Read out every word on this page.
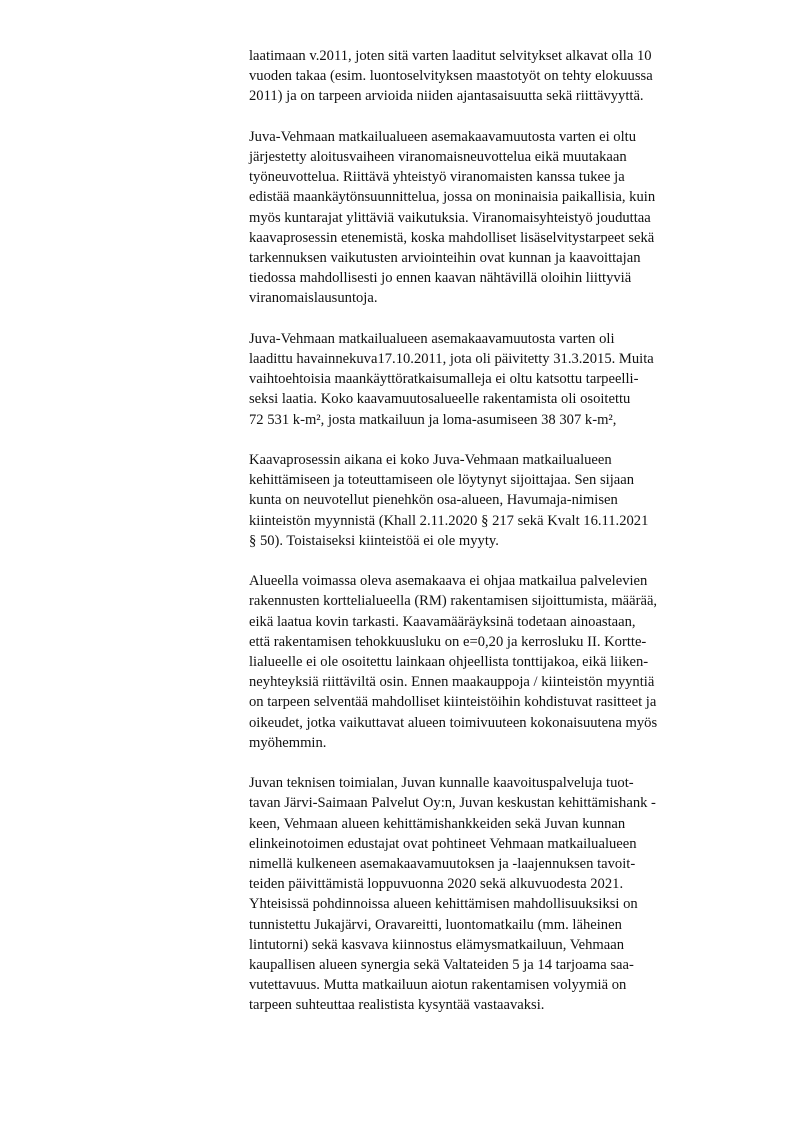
laatimaan v.2011, joten sitä varten laaditut selvitykset alkavat olla 10
vuoden takaa (esim. luontoselvityksen maastotyöt on tehty elokuussa
2011) ja on tarpeen arvioida niiden ajantasaisuutta sekä riittävyyttä.

Juva-Vehmaan matkailualueen asemakaavamuutosta varten ei oltu
järjestetty aloitusvaiheen viranomaisneuvottelua eikä muutakaan
työneuvottelua. Riittävä yhteistyö viranomaisten kanssa tukee ja
edistää maankäytönsuunnittelua, jossa on moninaisia paikallisia, kuin
myös kuntarajat ylittäviä vaikutuksia. Viranomaisyhteistyö jouduttaa
kaavaprosessin etenemistä, koska mahdolliset lisäselvitystarpeet sekä
tarkennuksen vaikutusten arviointeihin ovat kunnan ja kaavoittajan
tiedossa mahdollisesti jo ennen kaavan nähtävillä oloihin liittyviä
viranomaislausuntoja.

Juva-Vehmaan matkailualueen asemakaavamuutosta varten oli
laadittu havainnekuva17.10.2011, jota oli päivitetty 31.3.2015. Muita
vaihtoehtoisia maankäyttöratkaisumalleja ei oltu katsottu tarpeelli-
seksi laatia. Koko kaavamuutosalueelle rakentamista oli osoitettu
72 531 k-m², josta matkailuun ja loma-asumiseen 38 307 k-m²,

Kaavaprosessin aikana ei koko Juva-Vehmaan matkailualueen
kehittämiseen ja toteuttamiseen ole löytynyt sijoittajaa. Sen sijaan
kunta on neuvotellut pienehkön osa-alueen, Havumaja-nimisen
kiinteistön myynnistä (Khall 2.11.2020 § 217 sekä Kvalt 16.11.2021
§ 50). Toistaiseksi kiinteistöä ei ole myyty.

Alueella voimassa oleva asemakaava ei ohjaa matkailua palvelevien
rakennusten korttelialueella (RM) rakentamisen sijoittumista, määrää,
eikä laatua kovin tarkasti. Kaavamääräyksinä todetaan ainoastaan,
että rakentamisen tehokkuusluku on e=0,20 ja kerrosluku II. Kortte-
lialueelle ei ole osoitettu lainkaan ohjeellista tonttijakoa, eikä liiken-
neyhteyksiä riittäviltä osin. Ennen maakauppoja / kiinteistön myyntiä
on tarpeen selventää mahdolliset kiinteistöihin kohdistuvat rasitteet ja
oikeudet, jotka vaikuttavat alueen toimivuuteen kokonaisuutena myös
myöhemmin.

Juvan teknisen toimialan, Juvan kunnalle kaavoituspalveluja tuot-
tavan Järvi-Saimaan Palvelut Oy:n, Juvan keskustan kehittämishank -
keen, Vehmaan alueen kehittämishankkeiden sekä Juvan kunnan
elinkeinotoimen edustajat ovat pohtineet Vehmaan matkailualueen
nimellä kulkeneen asemakaavamuutoksen ja -laajennuksen tavoit-
teiden päivittämistä loppuvuonna 2020 sekä alkuvuodesta 2021.
Yhteisissä pohdinnoissa alueen kehittämisen mahdollisuuksiksi on
tunnistettu Jukajärvi, Oravareitti, luontomatkailu (mm. läheinen
lintutorni) sekä kasvava kiinnostus elämysmatkailuun, Vehmaan
kaupallisen alueen synergia sekä Valtateiden 5 ja 14 tarjoama saa-
vutettavuus. Mutta matkailuun aiotun rakentamisen volyymiä on
tarpeen suhteuttaa realistista kysyntää vastaavaksi.
